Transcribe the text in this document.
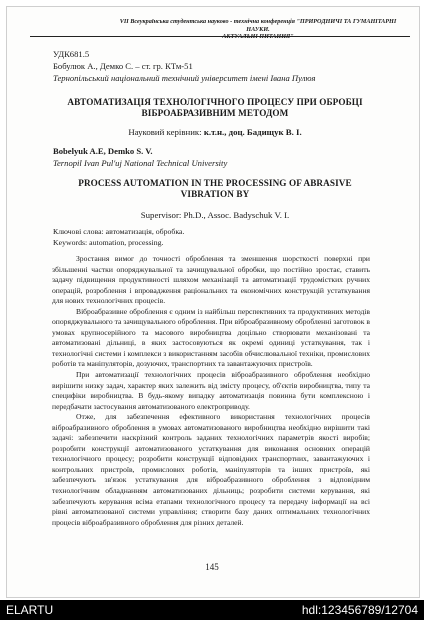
VІІ Всеукраїнська студентська науково - технічна конференція "ПРИРОДНИЧІ ТА ГУМАНІТАРНІ НАУКИ.
АКТУАЛЬНІ ПИТАННЯ"
УДК681.5
Бобулюк А., Демко С. – ст. гр. КТм-51
Тернопільський національний технічний університет імені Івана Пулюя
АВТОМАТИЗАЦІЯ ТЕХНОЛОГІЧНОГО ПРОЦЕСУ ПРИ ОБРОБЦІ
ВІБРОАБРАЗИВНИМ МЕТОДОМ
Науковий керівник: к.т.н., доц. Бадищук В. І.
Bobelyuk A.E, Demko S. V.
Ternopil Ivan Pul'uj National Technical University
PROCESS AUTOMATION IN THE PROCESSING OF ABRASIVE
VIBRATION BY
Supervisor: Ph.D., Assoc. Badyschuk V. I.
Ключові слова: автоматизація, обробка.
Keywords: automation, processing.
Зростання вимог до точності оброблення та зменшення шорсткості поверхні при збільшенні частки опоряджувальної та зачищувальної обробки, що постійно зростає, ставить задачу підвищення продуктивності шляхом механізації та автоматизації трудомістких ручних операцій, розроблення і впровадження раціональних та економічних конструкцій устаткування для нових технологічних процесів.
Віброабразивне оброблення є одним із найбільш перспективних та продуктивних методів опоряджувального та зачищувального оброблення. При віброабразивному обробленні заготовок в умовах крупносерійного та масового виробництва доцільно створювати механізовані та автоматизовані дільниці, в яких застосовуються як окремі одиниці устаткування, так і технологічні системи і комплекси з використанням засобів обчислювальної техніки, промислових роботів та маніпуляторів, дозуючих, транспортних та завантажуючих пристроїв.
При автоматизації технологічних процесів віброабразивного оброблення необхідно вирішити низку задач, характер яких залежить від змісту процесу, об'єктів виробництва, типу та специфіки виробництва. В будь-якому випадку автоматизація повинна бути комплексною і передбачати застосування автоматизованого електроприводу.
Отже, для забезпечення ефективного використання технологічних процесів віброабразивного оброблення в умовах автоматизованого виробництва необхідно вирішити такі задачі: забезпечити наскрізний контроль заданих технологічних параметрів якості виробів; розробити конструкції автоматизованого устаткування для виконання основних операцій технологічного процесу; розробити конструкції відповідних транспортних, завантажуючих і контрольних пристроїв, промислових роботів, маніпуляторів та інших пристроїв, які забезпечують зв'язок устаткування для віброабразивного оброблення з відповідним технологічним обладнанням автоматизованих дільниць; розробити системи керування, які забезпечують керування всіма етапами технологічного процесу та передачу інформації на всі рівні автоматизованої системи управління; створити базу даних оптимальних технологічних процесів віброабразивного оброблення для різних деталей.
145
ELARTU	hdl:123456789/12704
